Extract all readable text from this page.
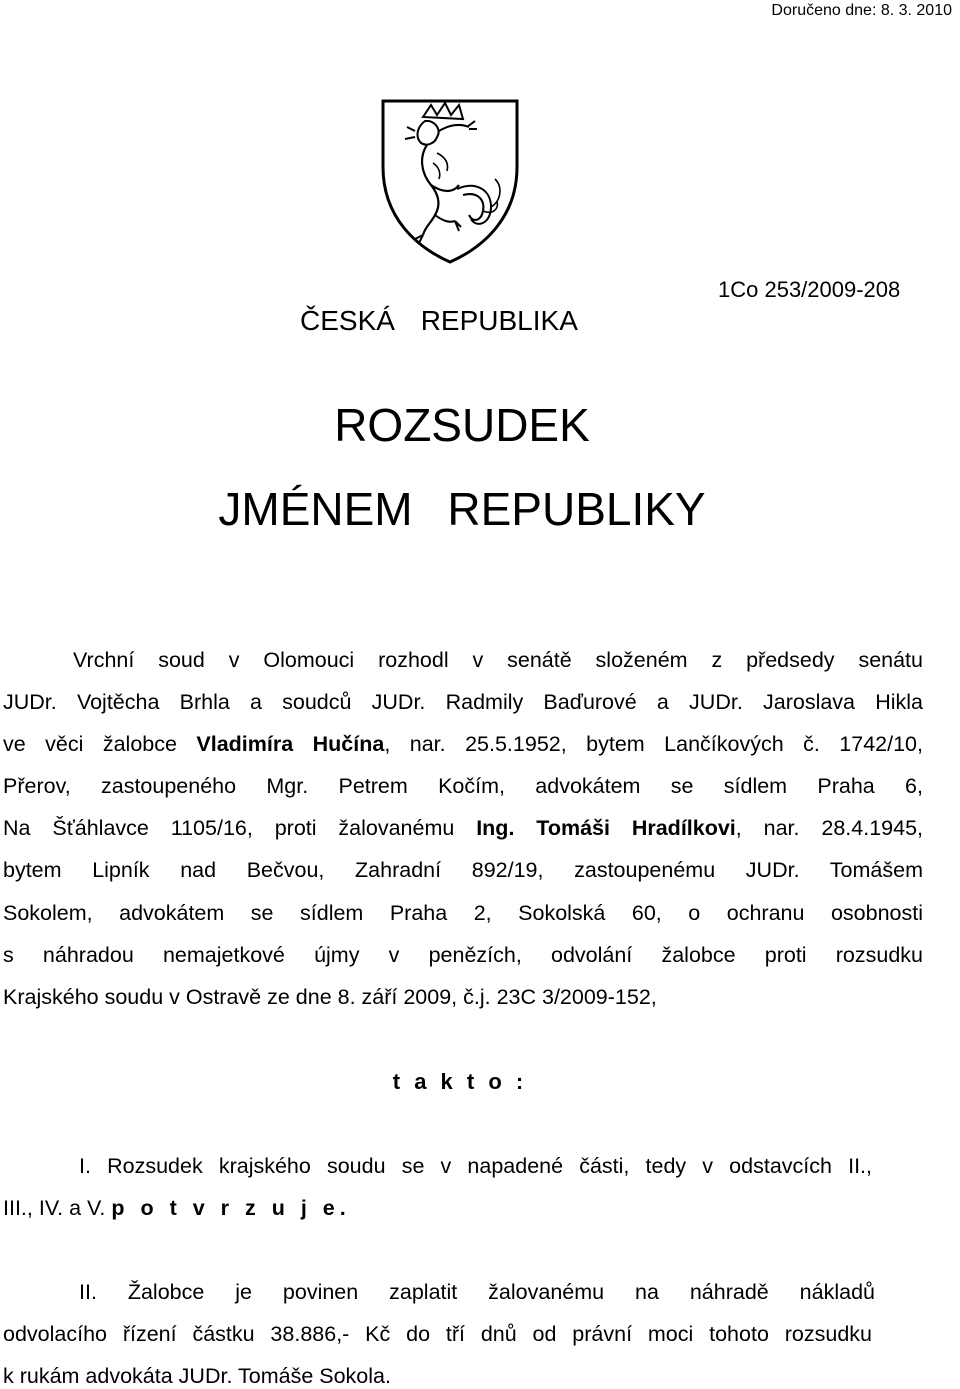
Doručeno dne: 8. 3. 2010
1Co 253/2009-208
ČESKÁ REPUBLIKA
ROZSUDEK
JMÉNEM REPUBLIKY
Vrchní soud v Olomouci rozhodl v senátě složeném z předsedy senátu
JUDr. Vojtěcha Brhla a soudců JUDr. Radmily Baďurové a JUDr. Jaroslava Hikla
ve věci žalobce Vladimíra Hučína, nar. 25.5.1952, bytem Lančíkových č. 1742/10,
Přerov, zastoupeného Mgr. Petrem Kočím, advokátem se sídlem Praha 6,
Na Šťáhlavce 1105/16, proti žalovanému Ing. Tomáši Hradílkovi, nar. 28.4.1945,
bytem Lipník nad Bečvou, Zahradní 892/19, zastoupenému JUDr. Tomášem
Sokolem, advokátem se sídlem Praha 2, Sokolská 60, o ochranu osobnosti
s náhradou nemajetkové újmy v penězích, odvolání žalobce proti rozsudku
Krajského soudu v Ostravě ze dne 8. září 2009, č.j. 23C 3/2009-152,
t a k t o :
I. Rozsudek krajského soudu se v napadené části, tedy v odstavcích II.,
III., IV. a V. p o t v r z u j e.
II. Žalobce je povinen zaplatit žalovanému na náhradě nákladů
odvolacího řízení částku 38.886,- Kč do tří dnů od právní moci tohoto rozsudku
k rukám advokáta JUDr. Tomáše Sokola.
